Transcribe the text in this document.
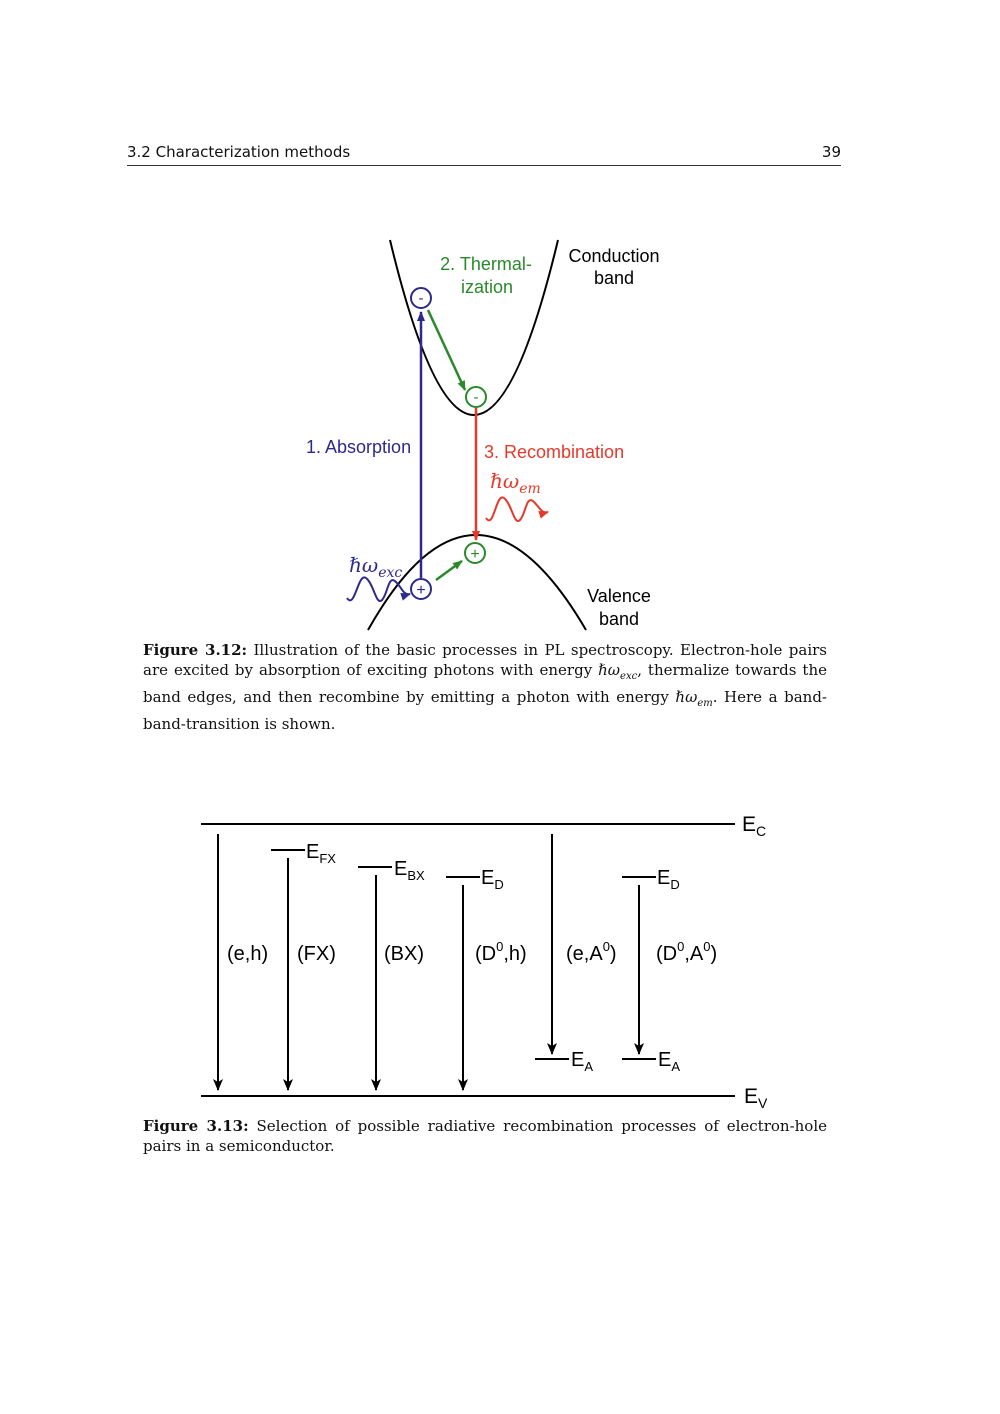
3.2 Characterization methods	39
-
-
+
+
Conduction
band
Valence
band
2. Thermal-
ization
1. Absorption	3. Recombination
ℏω$_{exc}$
ℏω$_{em}$
$E_C$
$E_V$
$E_{FX}$	$E_{BX}$	$E_D$	$E_D$
$E_A$	$E_A$
(e,h) (FX) (BX)	$(D^0,h)$ $(e,A^0)$ $(D^0,A^0)$
Figure 3.12: Illustration of the basic processes in PL spectroscopy. Electron-hole pairs are excited by absorption of exciting photons with energy ℏω$_{exc}$, thermalize towards the band edges, and then recombine by emitting a photon with energy ℏω$_{em}$. Here a band-band-transition is shown.
Figure 3.13: Selection of possible radiative recombination processes of electron-hole pairs in a semiconductor.
